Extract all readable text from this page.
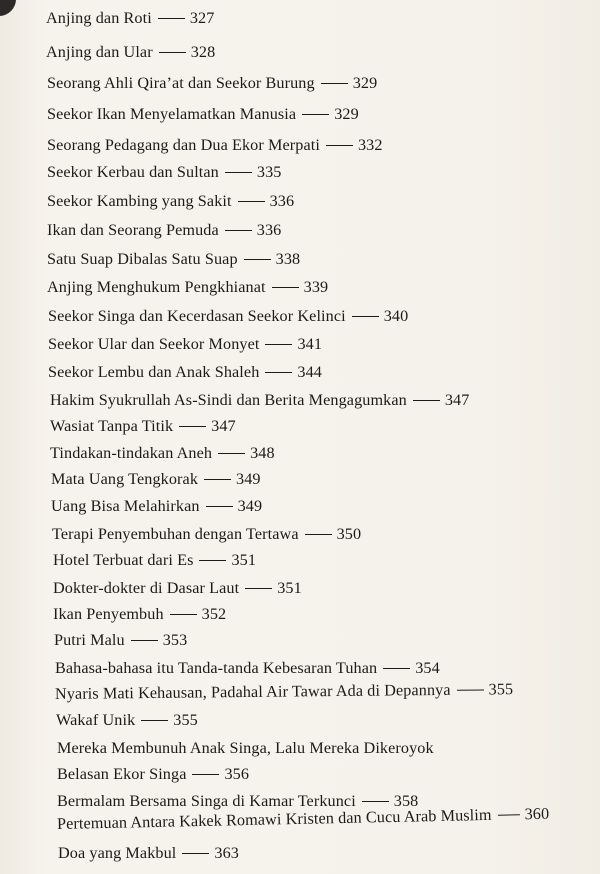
Anjing dan Roti 327
Anjing dan Ular 328
Seorang Ahli Qira’at dan Seekor Burung 329
Seekor Ikan Menyelamatkan Manusia 329
Seorang Pedagang dan Dua Ekor Merpati 332
Seekor Kerbau dan Sultan 335
Seekor Kambing yang Sakit 336
Ikan dan Seorang Pemuda 336
Satu Suap Dibalas Satu Suap 338
Anjing Menghukum Pengkhianat 339
Seekor Singa dan Kecerdasan Seekor Kelinci 340
Seekor Ular dan Seekor Monyet 341
Seekor Lembu dan Anak Shaleh 344
Hakim Syukrullah As-Sindi dan Berita Mengagumkan 347
Wasiat Tanpa Titik 347
Tindakan-tindakan Aneh 348
Mata Uang Tengkorak 349
Uang Bisa Melahirkan 349
Terapi Penyembuhan dengan Tertawa 350
Hotel Terbuat dari Es 351
Dokter-dokter di Dasar Laut 351
Ikan Penyembuh 352
Putri Malu 353
Bahasa-bahasa itu Tanda-tanda Kebesaran Tuhan 354
Nyaris Mati Kehausan, Padahal Air Tawar Ada di Depannya 355
Wakaf Unik 355
Mereka Membunuh Anak Singa, Lalu Mereka Dikeroyok
Belasan Ekor Singa 356
Bermalam Bersama Singa di Kamar Terkunci 358
Pertemuan Antara Kakek Romawi Kristen dan Cucu Arab Muslim 360
Doa yang Makbul 363
